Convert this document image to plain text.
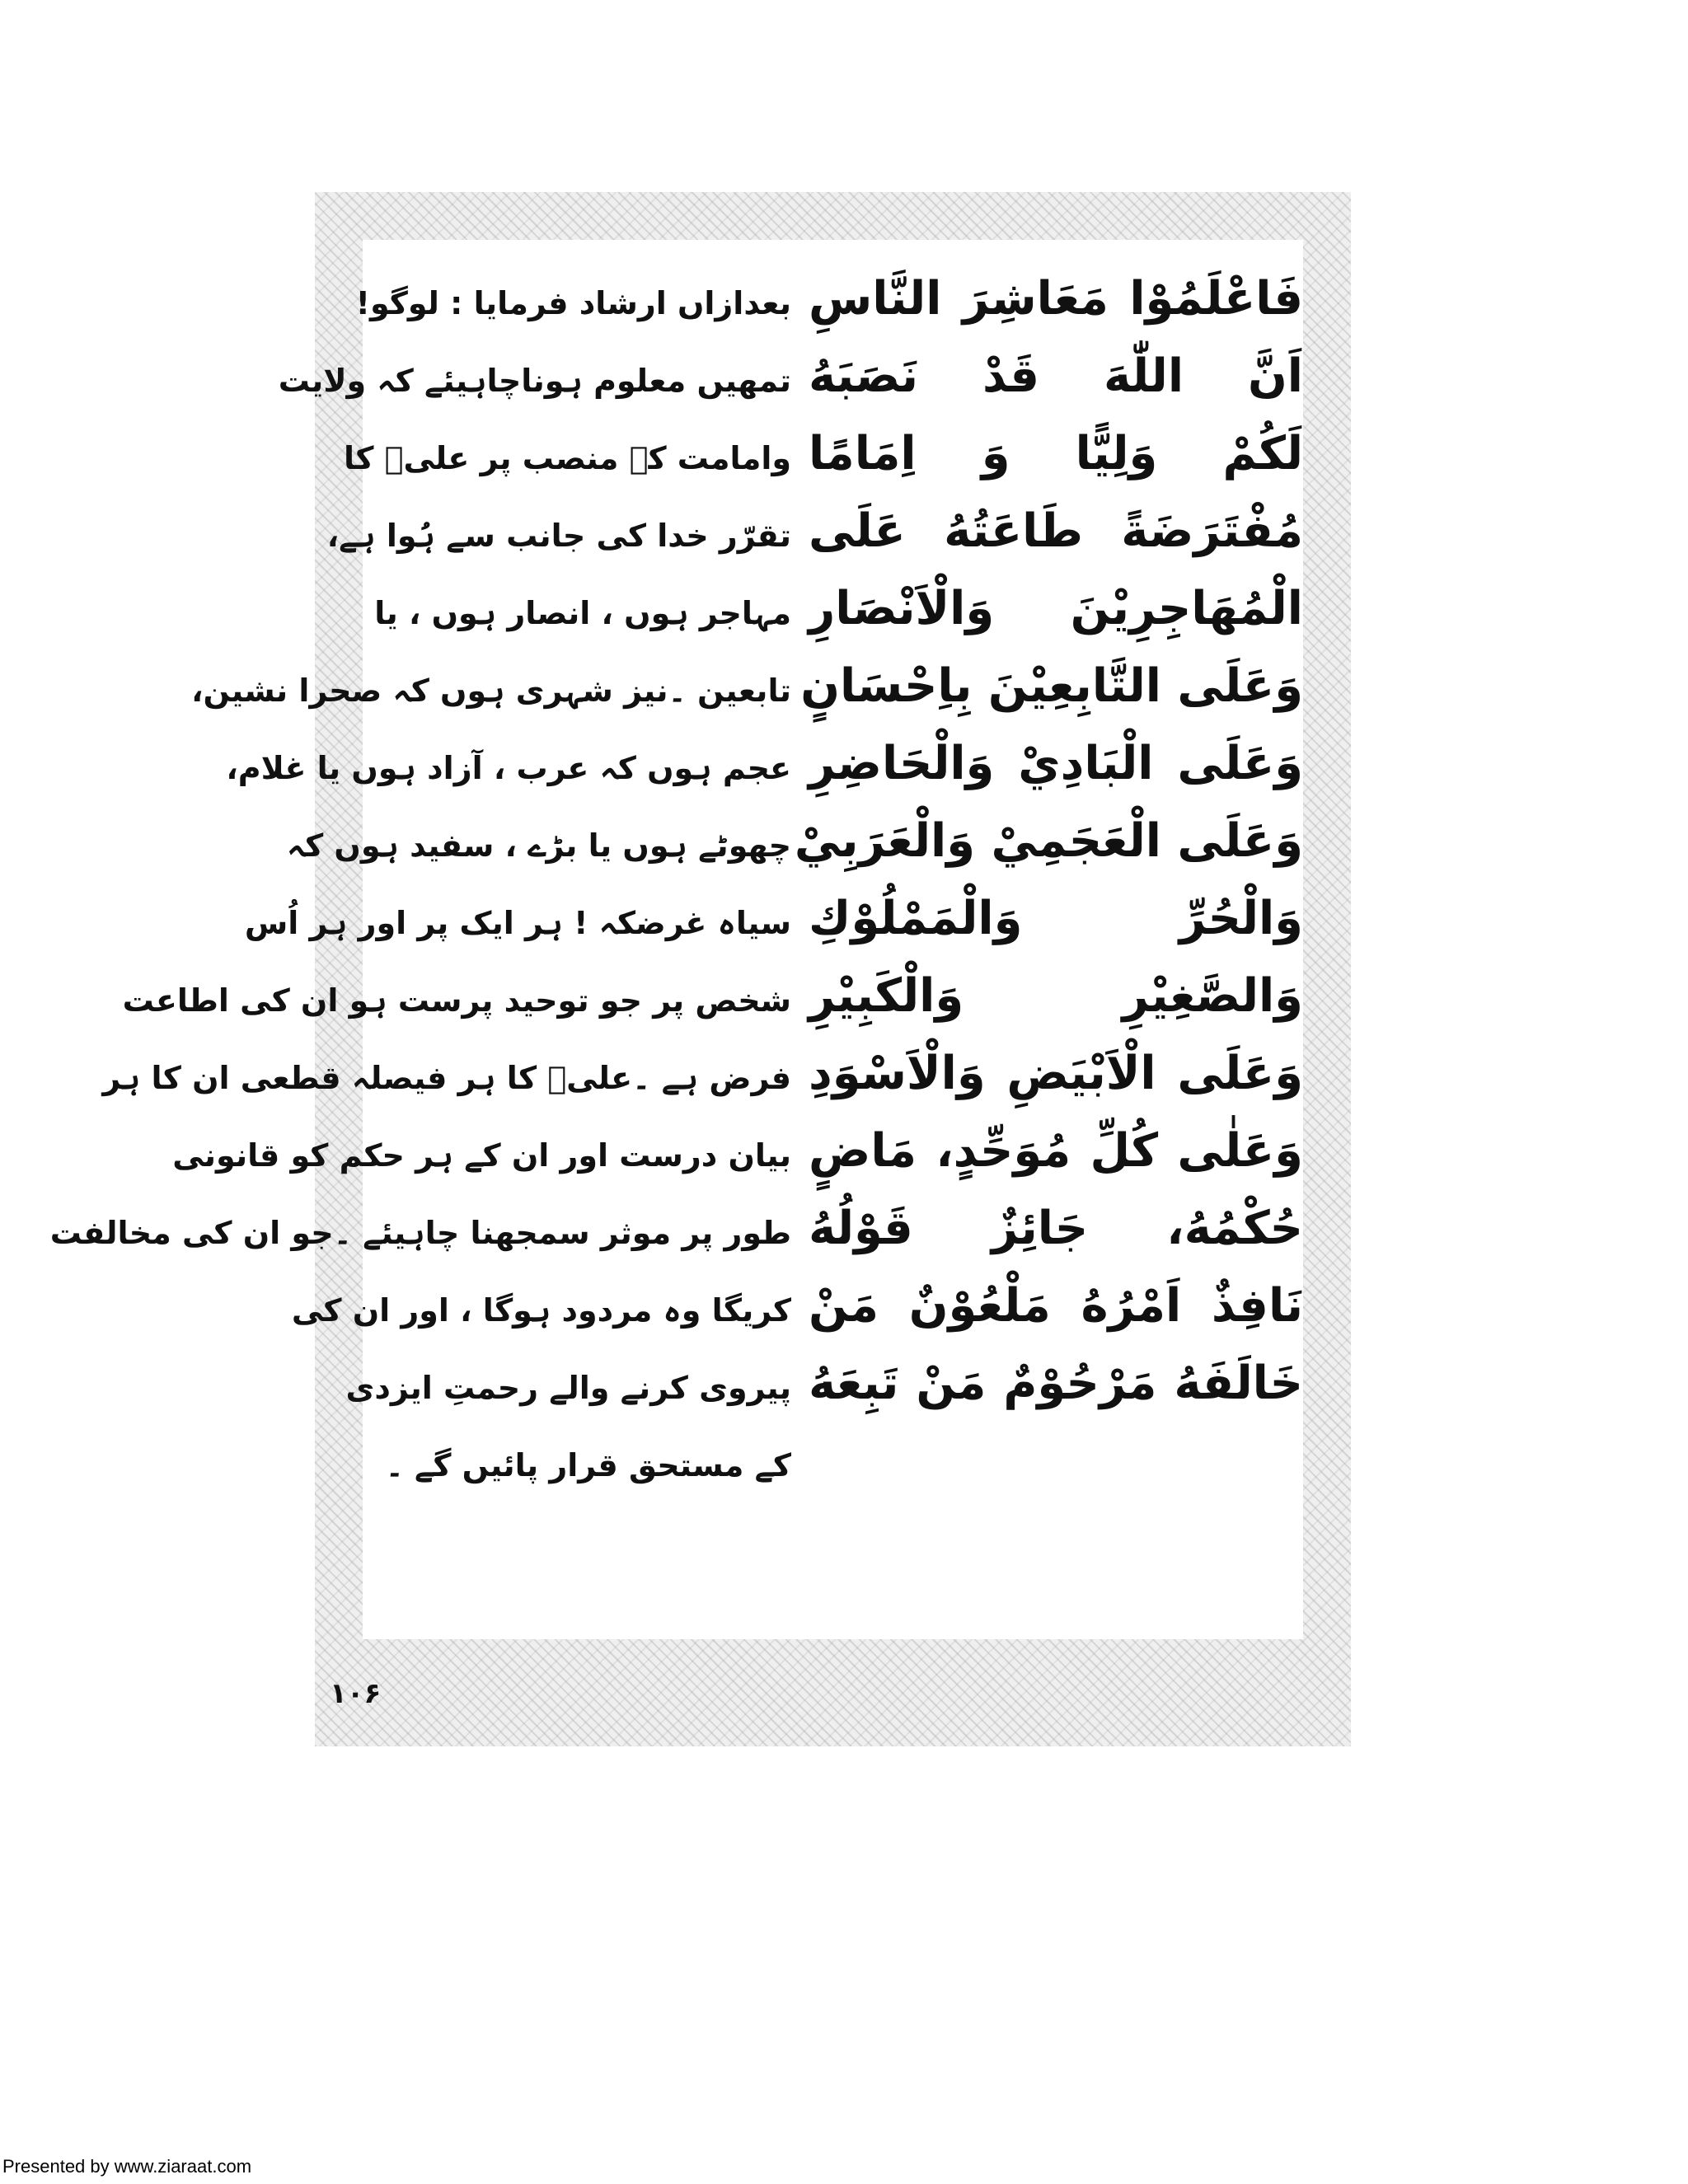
فَاعْلَمُوْا مَعَاشِرَ النَّاسِ
اَنَّ اللّٰهَ قَدْ نَصَبَهُ
لَكُمْ وَلِيًّا وَ اِمَامًا
مُفْتَرَضَةً طَاعَتُهُ عَلَى
الْمُهَاجِرِيْنَ وَالْاَنْصَارِ
وَعَلَى التَّابِعِيْنَ بِاِحْسَانٍ
وَعَلَى الْبَادِيْ وَالْحَاضِرِ
وَعَلَى الْعَجَمِيْ وَالْعَرَبِيْ
وَالْحُرِّ وَالْمَمْلُوْكِ
وَالصَّغِيْرِ وَالْكَبِيْرِ
وَعَلَى الْاَبْيَضِ وَالْاَسْوَدِ
وَعَلٰى كُلِّ مُوَحِّدٍ، مَاضٍ
حُكْمُهُ، جَائِزٌ قَوْلُهُ
نَافِذٌ اَمْرُهُ مَلْعُوْنٌ مَنْ
خَالَفَهُ مَرْحُوْمٌ مَنْ تَبِعَهُ
بعدازاں ارشاد فرمایا : لوگو!
تمھیں معلوم ہوناچاہیئے کہ ولایت
وامامت کے منصب پر علیؑ کا
تقرّر خدا کی جانب سے ہُوا ہے،
مہاجر ہوں ، انصار ہوں ، یا
تابعین ۔نیز شہری ہوں کہ صحرا نشین،
عجم ہوں کہ عرب ، آزاد ہوں یا غلام،
چھوٹے ہوں یا بڑے ، سفید ہوں کہ
سیاہ غرضکہ ! ہر ایک پر اور ہر اُس
شخص پر جو توحید پرست ہو ان کی اطاعت
فرض ہے ۔علیؑ کا ہر فیصلہ قطعی ان کا ہر
بیان درست اور ان کے ہر حکم کو قانونی
طور پر موثر سمجھنا چاہیئے ۔جو ان کی مخالفت
کریگا وہ مردود ہوگا ، اور ان کی
پیروی کرنے والے رحمتِ ایزدی
کے مستحق قرار پائیں گے ۔
۱۰۶
Presented by www.ziaraat.com
